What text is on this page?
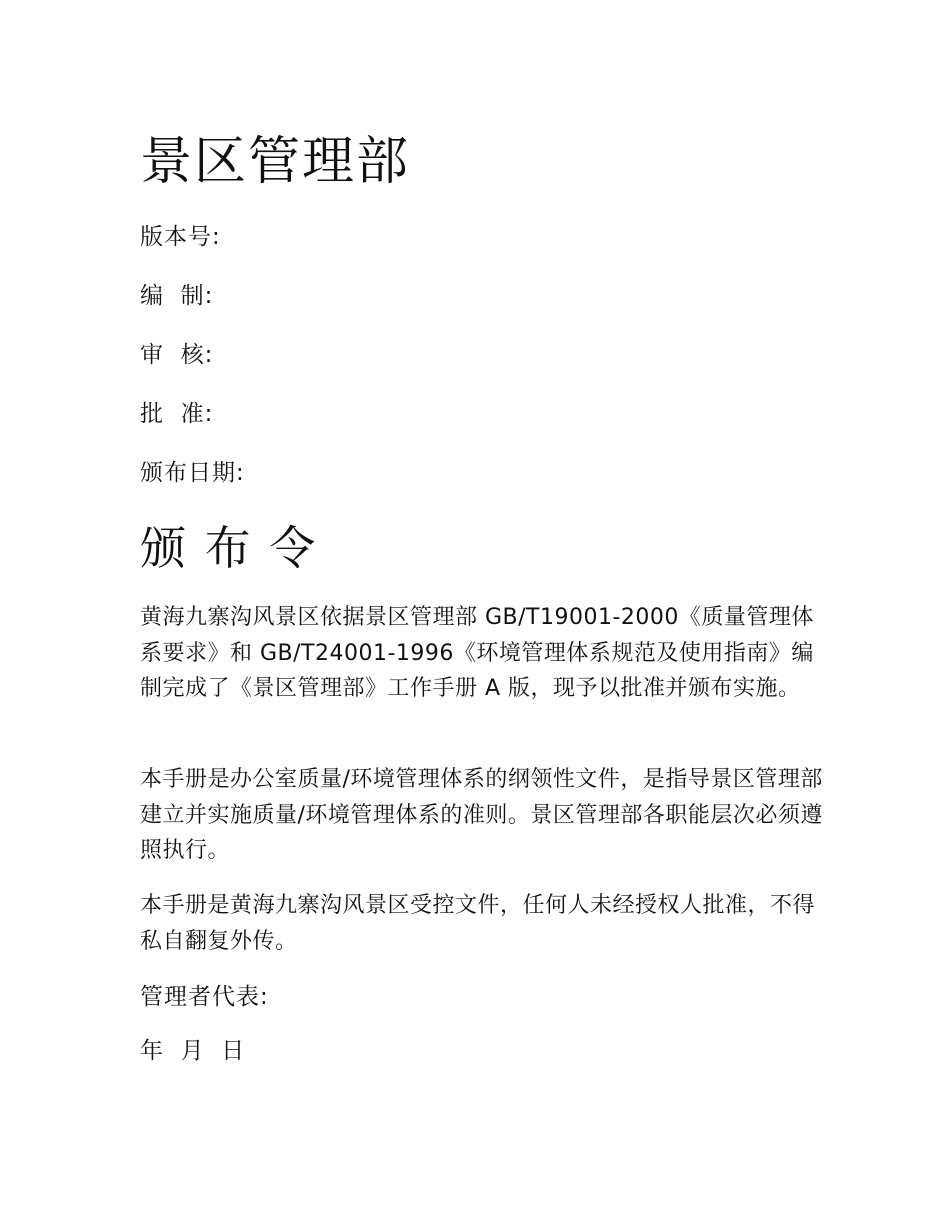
景区管理部
版本号:
编  制:
审  核:
批  准:
颁布日期:
颁 布 令

黄海九寨沟风景区依据景区管理部 GB/T19001-2000《质量管理体系要求》和 GB/T24001-1996《环境管理体系规范及使用指南》编制完成了《景区管理部》工作手册 A 版，现予以批准并颁布实施。

本手册是办公室质量/环境管理体系的纲领性文件，是指导景区管理部建立并实施质量/环境管理体系的准则。景区管理部各职能层次必须遵照执行。

本手册是黄海九寨沟风景区受控文件，任何人未经授权人批准，不得私自翻复外传。

管理者代表:
年  月  日
